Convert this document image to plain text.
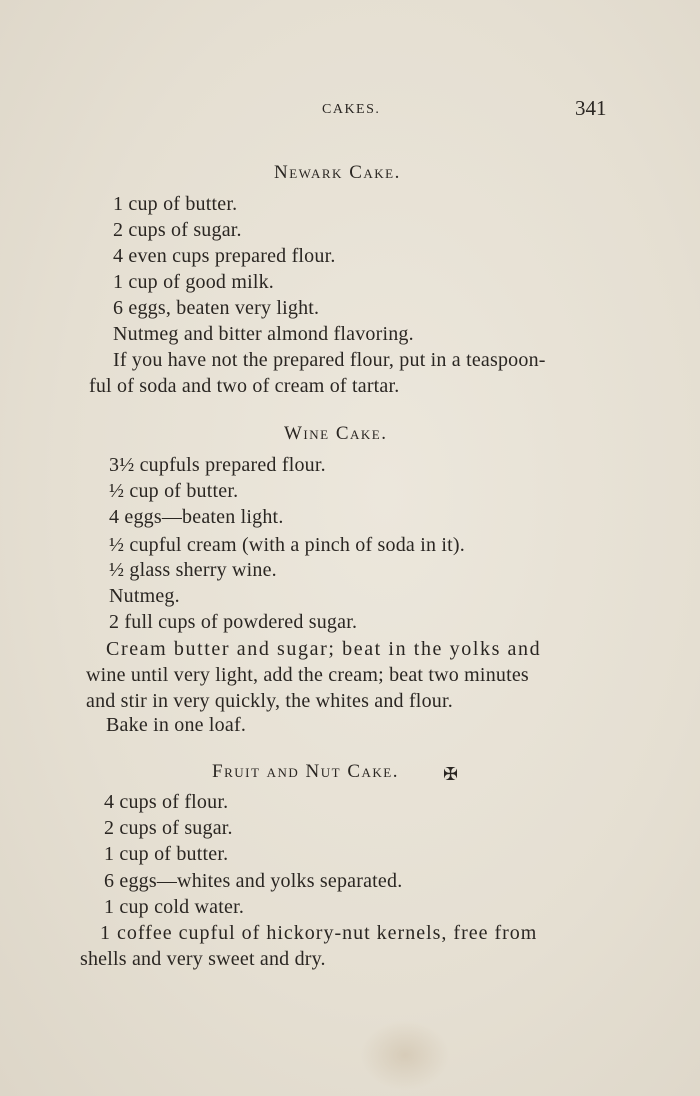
CAKES.	341
Newark Cake.
1 cup of butter.
2 cups of sugar.
4 even cups prepared flour.
1 cup of good milk.
6 eggs, beaten very light.
Nutmeg and bitter almond flavoring.
If you have not the prepared flour, put in a teaspoon-
ful of soda and two of cream of tartar.
Wine Cake.
3½ cupfuls prepared flour.
½ cup of butter.
4 eggs—beaten light.
½ cupful cream (with a pinch of soda in it).
½ glass sherry wine.
Nutmeg.
2 full cups of powdered sugar.
Cream butter and sugar; beat in the yolks and
wine until very light, add the cream; beat two minutes
and stir in very quickly, the whites and flour.
Bake in one loaf.
Fruit and Nut Cake. ✠
4 cups of flour.
2 cups of sugar.
1 cup of butter.
6 eggs—whites and yolks separated.
1 cup cold water.
1 coffee cupful of hickory-nut kernels, free from
shells and very sweet and dry.
